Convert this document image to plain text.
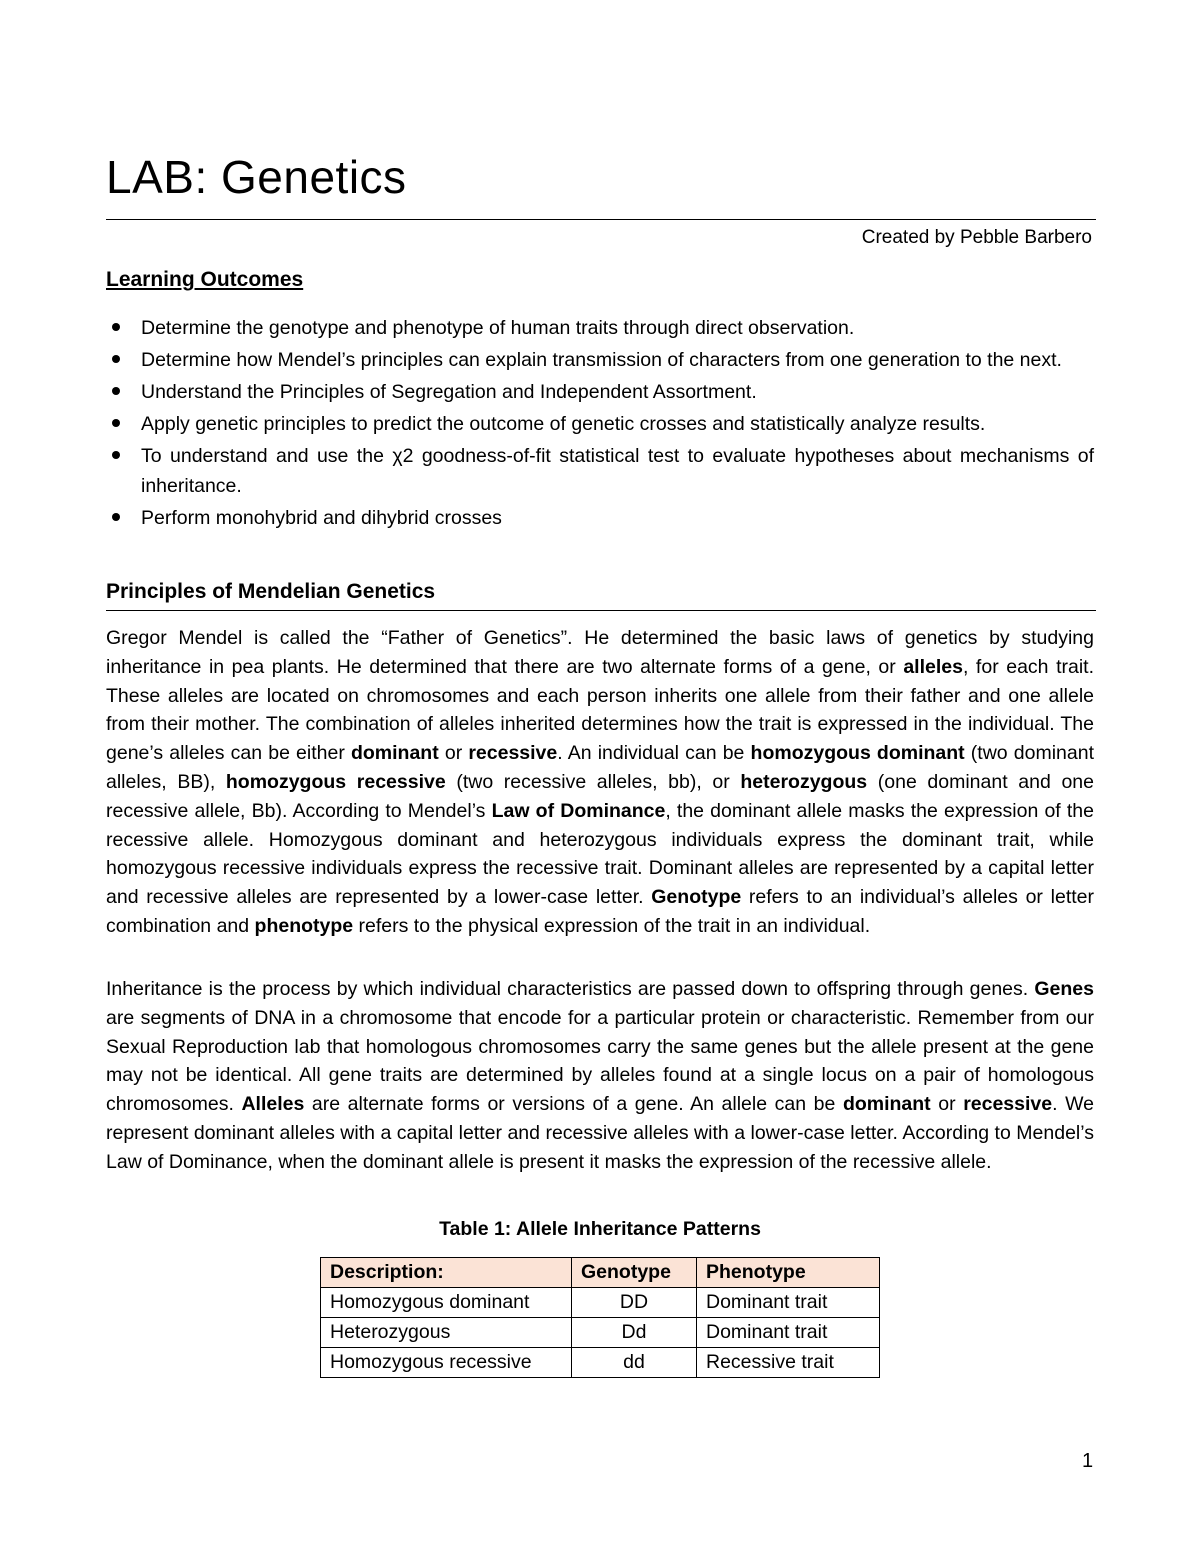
LAB: Genetics
Created by Pebble Barbero
Learning Outcomes
Determine the genotype and phenotype of human traits through direct observation.
Determine how Mendel’s principles can explain transmission of characters from one generation to the next.
Understand the Principles of Segregation and Independent Assortment.
Apply genetic principles to predict the outcome of genetic crosses and statistically analyze results.
To understand and use the χ2 goodness-of-fit statistical test to evaluate hypotheses about mechanisms of inheritance.
Perform monohybrid and dihybrid crosses
Principles of Mendelian Genetics

Gregor Mendel is called the “Father of Genetics”. He determined the basic laws of genetics by studying inheritance in pea plants. He determined that there are two alternate forms of a gene, or alleles, for each trait. These alleles are located on chromosomes and each person inherits one allele from their father and one allele from their mother. The combination of alleles inherited determines how the trait is expressed in the individual. The gene’s alleles can be either dominant or recessive. An individual can be homozygous dominant (two dominant alleles, BB), homozygous recessive (two recessive alleles, bb), or heterozygous (one dominant and one recessive allele, Bb). According to Mendel’s Law of Dominance, the dominant allele masks the expression of the recessive allele. Homozygous dominant and heterozygous individuals express the dominant trait, while homozygous recessive individuals express the recessive trait. Dominant alleles are represented by a capital letter and recessive alleles are represented by a lower-case letter. Genotype refers to an individual’s alleles or letter combination and phenotype refers to the physical expression of the trait in an individual.

Inheritance is the process by which individual characteristics are passed down to offspring through genes. Genes are segments of DNA in a chromosome that encode for a particular protein or characteristic. Remember from our Sexual Reproduction lab that homologous chromosomes carry the same genes but the allele present at the gene may not be identical. All gene traits are determined by alleles found at a single locus on a pair of homologous chromosomes. Alleles are alternate forms or versions of a gene. An allele can be dominant or recessive. We represent dominant alleles with a capital letter and recessive alleles with a lower-case letter. According to Mendel’s Law of Dominance, when the dominant allele is present it masks the expression of the recessive allele.

Table 1: Allele Inheritance Patterns
Description:	Genotype	Phenotype
Homozygous dominant	DD	Dominant trait
Heterozygous	Dd	Dominant trait
Homozygous recessive	dd	Recessive trait
1
